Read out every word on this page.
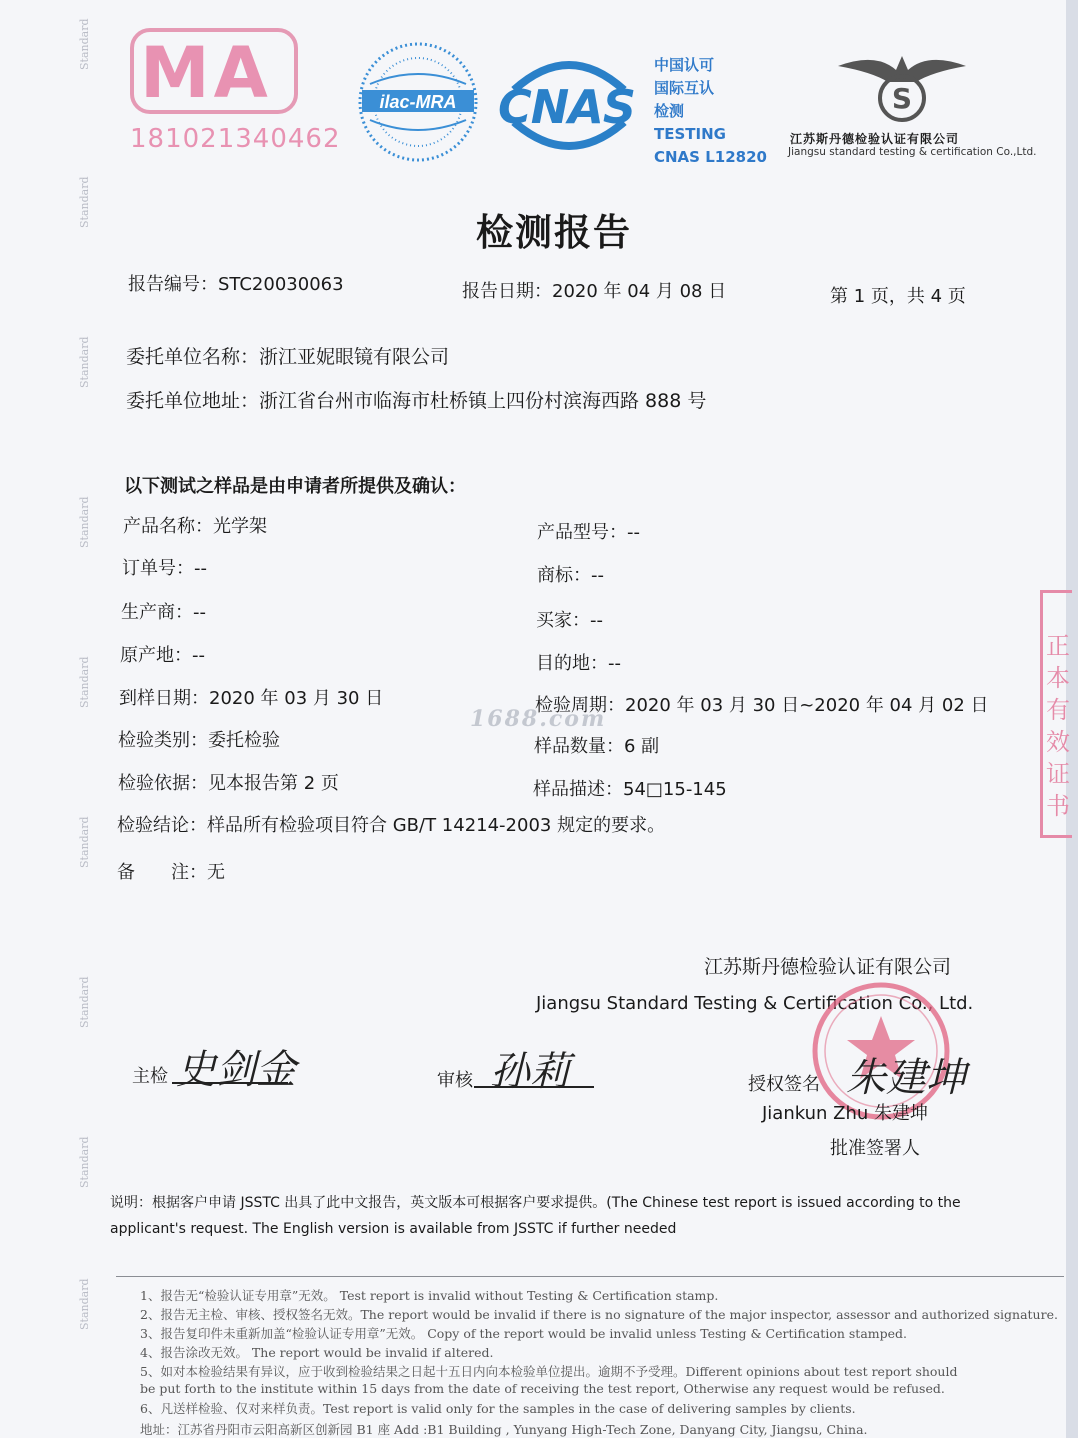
Standard
Standard
Standard
Standard
Standard
Standard
Standard
Standard
Standard
MA
181021340462
ilac-MRA CNAS
中国认可
国际互认
检测
TESTING
CNAS L12820
S
江苏斯丹德检验认证有限公司
Jiangsu standard testing & certification Co.,Ltd.
检测报告
报告编号：STC20030063	报告日期：2020 年 04 月 08 日	第 1 页，共 4 页
委托单位名称：浙江亚妮眼镜有限公司
委托单位地址：浙江省台州市临海市杜桥镇上四份村滨海西路 888 号
以下测试之样品是由申请者所提供及确认：
产品名称：光学架
订单号：--
生产商：--
原产地：--
到样日期：2020 年 03 月 30 日
检验类别：委托检验
检验依据：见本报告第 2 页
检验结论：样品所有检验项目符合 GB/T 14214-2003 规定的要求。
备　　注：无
产品型号：--
商标：--
买家：--
目的地：--
检验周期：2020 年 03 月 30 日~2020 年 04 月 02 日
样品数量：6 副
样品描述：54□15-145
1688.com
正本有效证书
江苏斯丹德检验认证有限公司
Jiangsu Standard Testing & Certification Co., Ltd.
主检 史剑金	审核 孙莉	授权签名 朱建坤
Jiankun Zhu 朱建坤
批准签署人
说明：根据客户申请 JSSTC 出具了此中文报告，英文版本可根据客户要求提供。(The Chinese test report is issued according to the
applicant's request. The English version is available from JSSTC if further needed
1、报告无“检验认证专用章”无效。 Test report is invalid without Testing & Certification stamp.
2、报告无主检、审核、授权签名无效。The report would be invalid if there is no signature of the major inspector, assessor and authorized signature.
3、报告复印件未重新加盖“检验认证专用章”无效。 Copy of the report would be invalid unless Testing & Certification stamped.
4、报告涂改无效。 The report would be invalid if altered.
5、如对本检验结果有异议，应于收到检验结果之日起十五日内向本检验单位提出。逾期不予受理。Different opinions about test report should
be put forth to the institute within 15 days from the date of receiving the test report, Otherwise any request would be refused.
6、凡送样检验、仅对来样负责。Test report is valid only for the samples in the case of delivering samples by clients.
地址：江苏省丹阳市云阳高新区创新园 B1 座 Add :B1 Building , Yunyang High-Tech Zone, Danyang City, Jiangsu, China.
